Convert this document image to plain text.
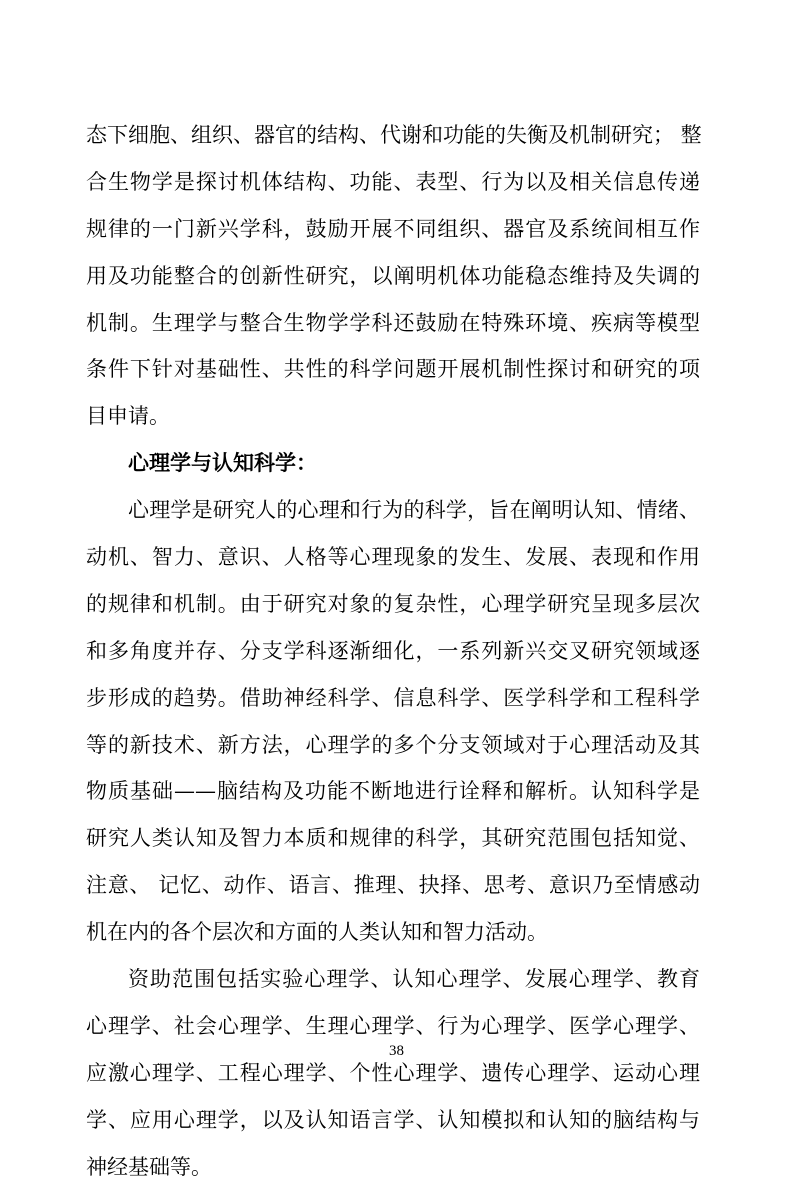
态下细胞、组织、器官的结构、代谢和功能的失衡及机制研究； 整
合生物学是探讨机体结构、功能、表型、行为以及相关信息传递
规律的一门新兴学科，鼓励开展不同组织、器官及系统间相互作
用及功能整合的创新性研究，以阐明机体功能稳态维持及失调的
机制。生理学与整合生物学学科还鼓励在特殊环境、疾病等模型
条件下针对基础性、共性的科学问题开展机制性探讨和研究的项
目申请。
心理学与认知科学：
心理学是研究人的心理和行为的科学，旨在阐明认知、情绪、
动机、智力、意识、人格等心理现象的发生、发展、表现和作用
的规律和机制。由于研究对象的复杂性，心理学研究呈现多层次
和多角度并存、分支学科逐渐细化，一系列新兴交叉研究领域逐
步形成的趋势。借助神经科学、信息科学、医学科学和工程科学
等的新技术、新方法，心理学的多个分支领域对于心理活动及其
物质基础——脑结构及功能不断地进行诠释和解析。认知科学是
研究人类认知及智力本质和规律的科学，其研究范围包括知觉、
注意、 记忆、动作、语言、推理、抉择、思考、意识乃至情感动
机在内的各个层次和方面的人类认知和智力活动。
资助范围包括实验心理学、认知心理学、发展心理学、教育
心理学、社会心理学、生理心理学、行为心理学、医学心理学、
应激心理学、工程心理学、个性心理学、遗传心理学、运动心理
学、应用心理学，以及认知语言学、认知模拟和认知的脑结构与
神经基础等。
38
